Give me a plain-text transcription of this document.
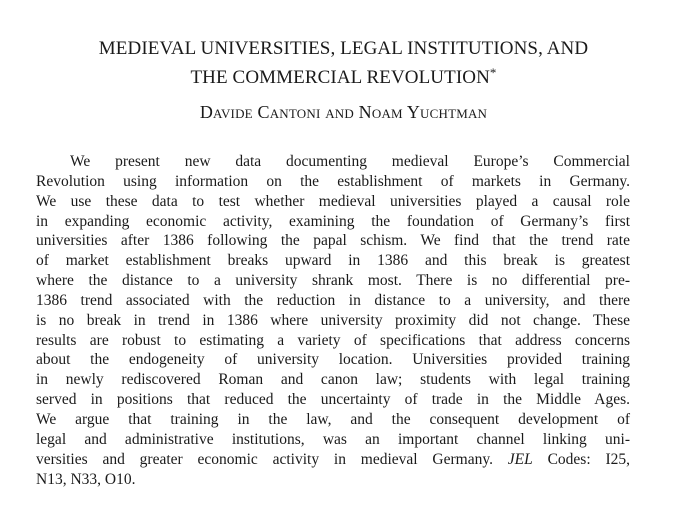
MEDIEVAL UNIVERSITIES, LEGAL INSTITUTIONS, AND
THE COMMERCIAL REVOLUTION*
Davide Cantoni and Noam Yuchtman
We present new data documenting medieval Europe’s Commercial
Revolution using information on the establishment of markets in Germany.
We use these data to test whether medieval universities played a causal role
in expanding economic activity, examining the foundation of Germany’s first
universities after 1386 following the papal schism. We find that the trend rate
of market establishment breaks upward in 1386 and this break is greatest
where the distance to a university shrank most. There is no differential pre-
1386 trend associated with the reduction in distance to a university, and there
is no break in trend in 1386 where university proximity did not change. These
results are robust to estimating a variety of specifications that address concerns
about the endogeneity of university location. Universities provided training
in newly rediscovered Roman and canon law; students with legal training
served in positions that reduced the uncertainty of trade in the Middle Ages.
We argue that training in the law, and the consequent development of
legal and administrative institutions, was an important channel linking uni-
versities and greater economic activity in medieval Germany. JEL Codes: I25,
N13, N33, O10.
